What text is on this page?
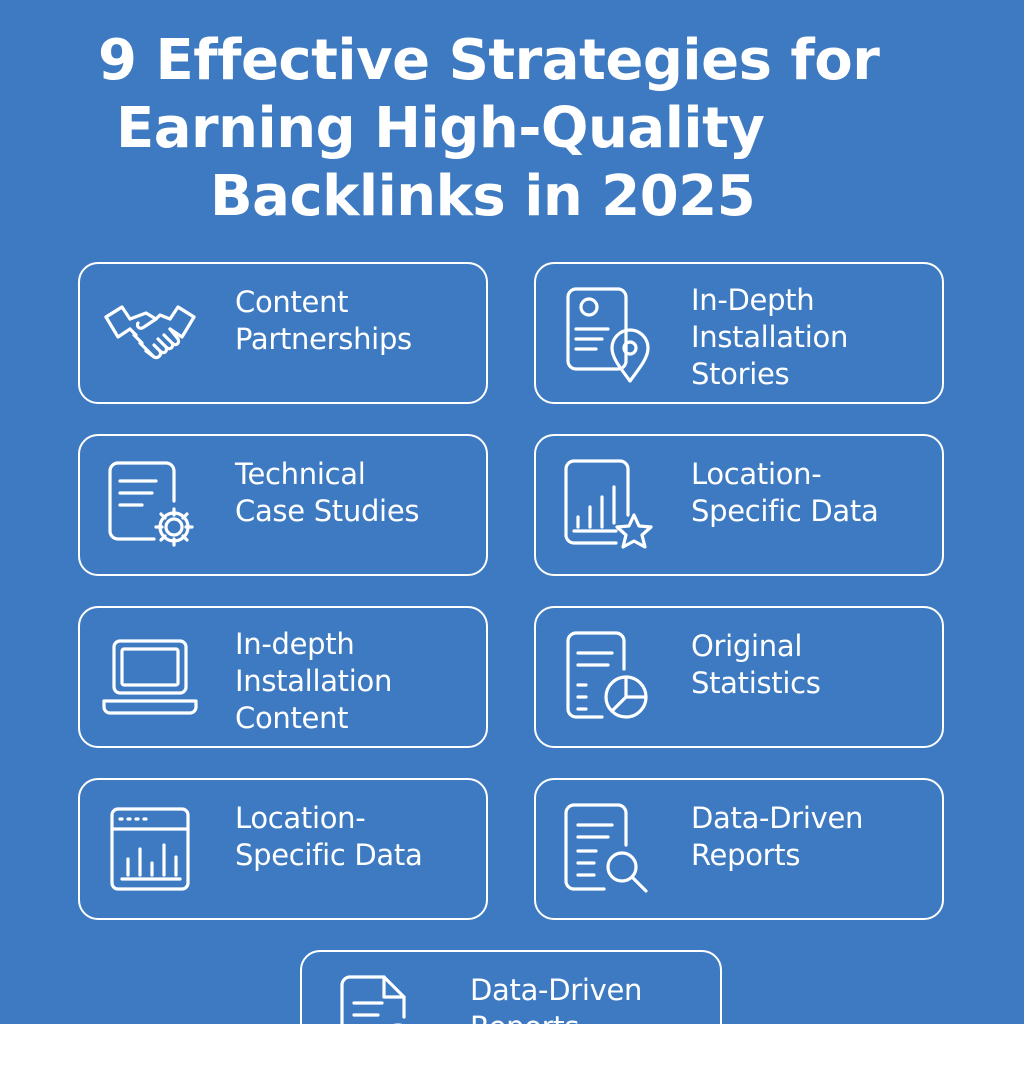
9 Effective Strategies for
Earning High-Quality
Backlinks in 2025
Content
Partnerships
In-Depth
Installation
Stories
Technical
Case Studies
Location-
Specific Data
In-depth
Installation
Content
Original
Statistics
Location-
Specific Data
Data-Driven
Reports
Data-Driven
Reports
